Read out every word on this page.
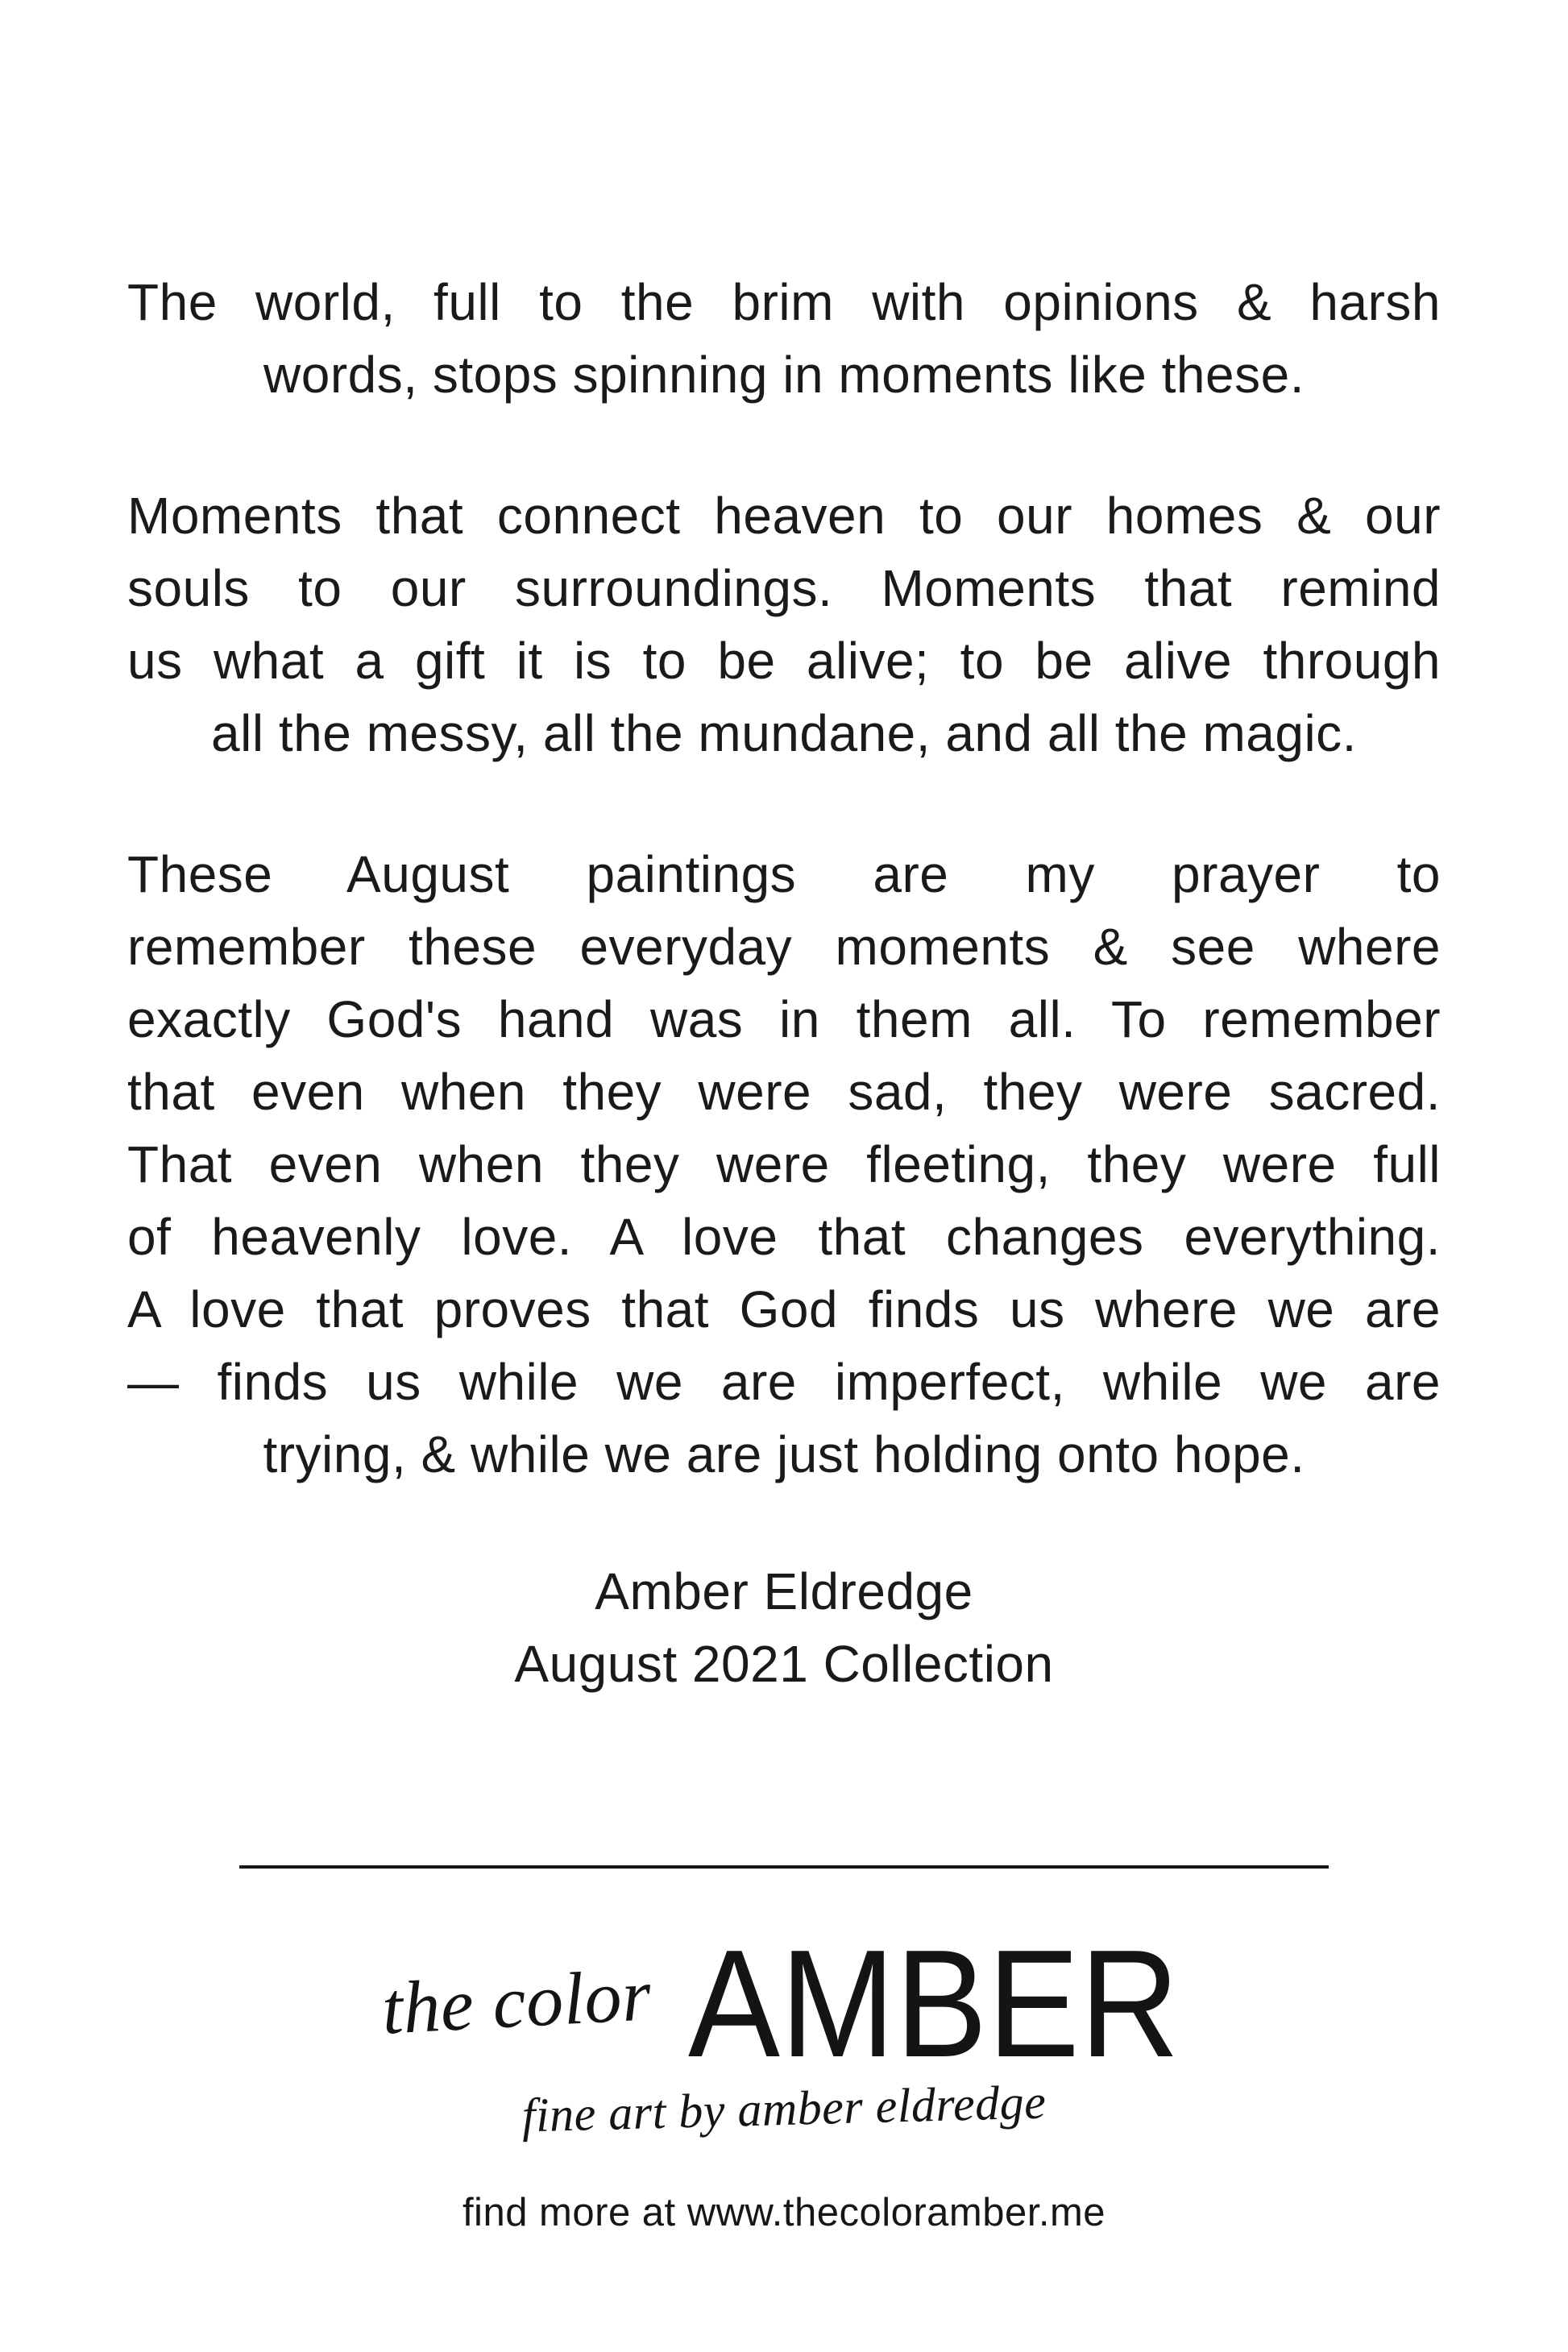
The world, full to the brim with opinions & harsh
words, stops spinning in moments like these.
Moments that connect heaven to our homes & our
souls to our surroundings. Moments that remind
us what a gift it is to be alive; to be alive through
all the messy, all the mundane, and all the magic.
These August paintings are my prayer to
remember these everyday moments & see where
exactly God's hand was in them all. To remember
that even when they were sad, they were sacred.
That even when they were fleeting, they were full
of heavenly love. A love that changes everything.
A love that proves that God finds us where we are
— finds us while we are imperfect, while we are
trying, & while we are just holding onto hope.
Amber Eldredge
August 2021 Collection
the color AMBER
fine art by amber eldredge
find more at www.thecoloramber.me
